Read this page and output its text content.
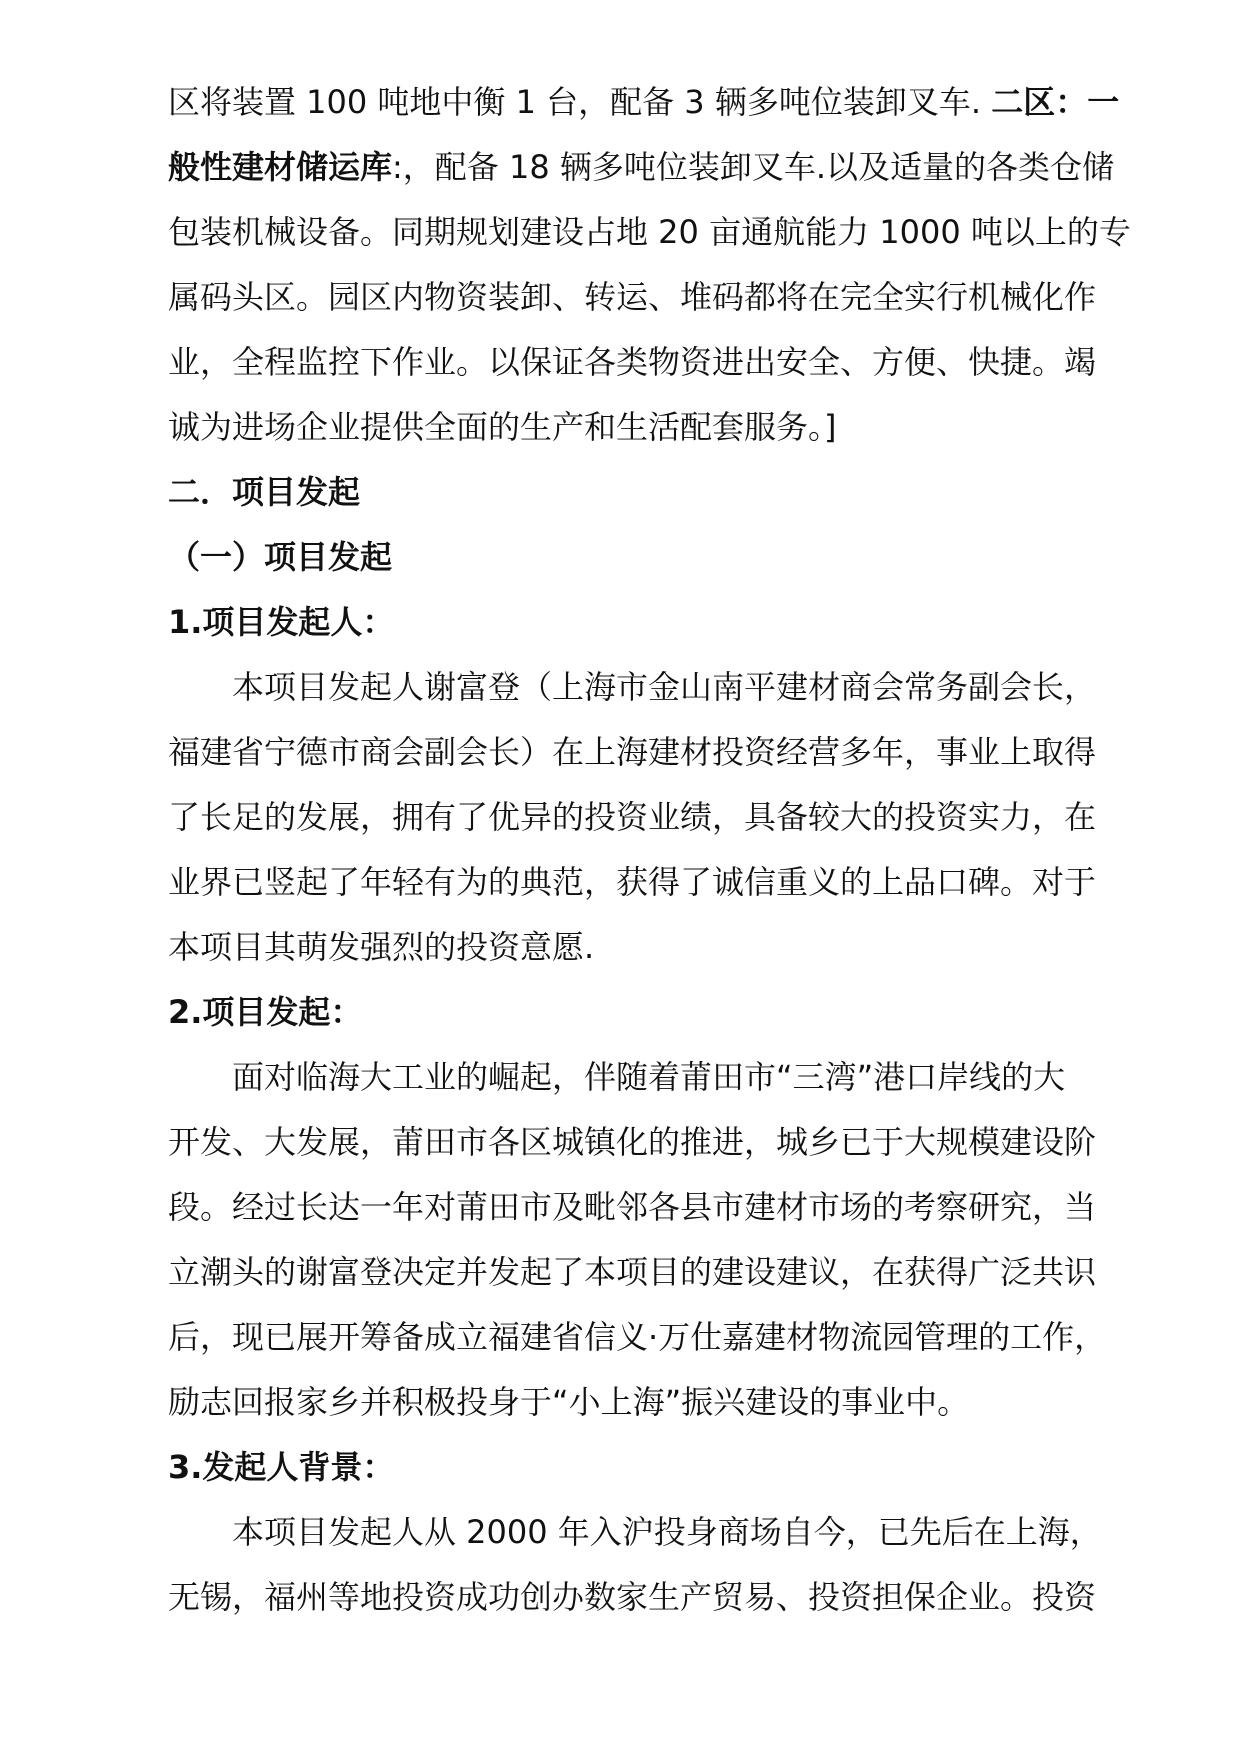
区将装置 100 吨地中衡 1 台，配备 3 辆多吨位装卸叉车. 二区：一
般性建材储运库:，配备 18 辆多吨位装卸叉车.以及适量的各类仓储
包装机械设备。同期规划建设占地 20 亩通航能力 1000 吨以上的专
属码头区。园区内物资装卸、转运、堆码都将在完全实行机械化作
业，全程监控下作业。以保证各类物资进出安全、方便、快捷。竭
诚为进场企业提供全面的生产和生活配套服务。]
二．项目发起
（一）项目发起
1.项目发起人：
本项目发起人谢富登（上海市金山南平建材商会常务副会长，
福建省宁德市商会副会长）在上海建材投资经营多年，事业上取得
了长足的发展，拥有了优异的投资业绩，具备较大的投资实力，在
业界已竖起了年轻有为的典范，获得了诚信重义的上品口碑。对于
本项目其萌发强烈的投资意愿.
2.项目发起：
面对临海大工业的崛起，伴随着莆田市“三湾”港口岸线的大
开发、大发展，莆田市各区城镇化的推进，城乡已于大规模建设阶
段。经过长达一年对莆田市及毗邻各县市建材市场的考察研究，当
立潮头的谢富登决定并发起了本项目的建设建议，在获得广泛共识
后，现已展开筹备成立福建省信义·万仕嘉建材物流园管理的工作，
励志回报家乡并积极投身于“小上海”振兴建设的事业中。
3.发起人背景：
本项目发起人从 2000 年入沪投身商场自今，已先后在上海，
无锡，福州等地投资成功创办数家生产贸易、投资担保企业。投资
